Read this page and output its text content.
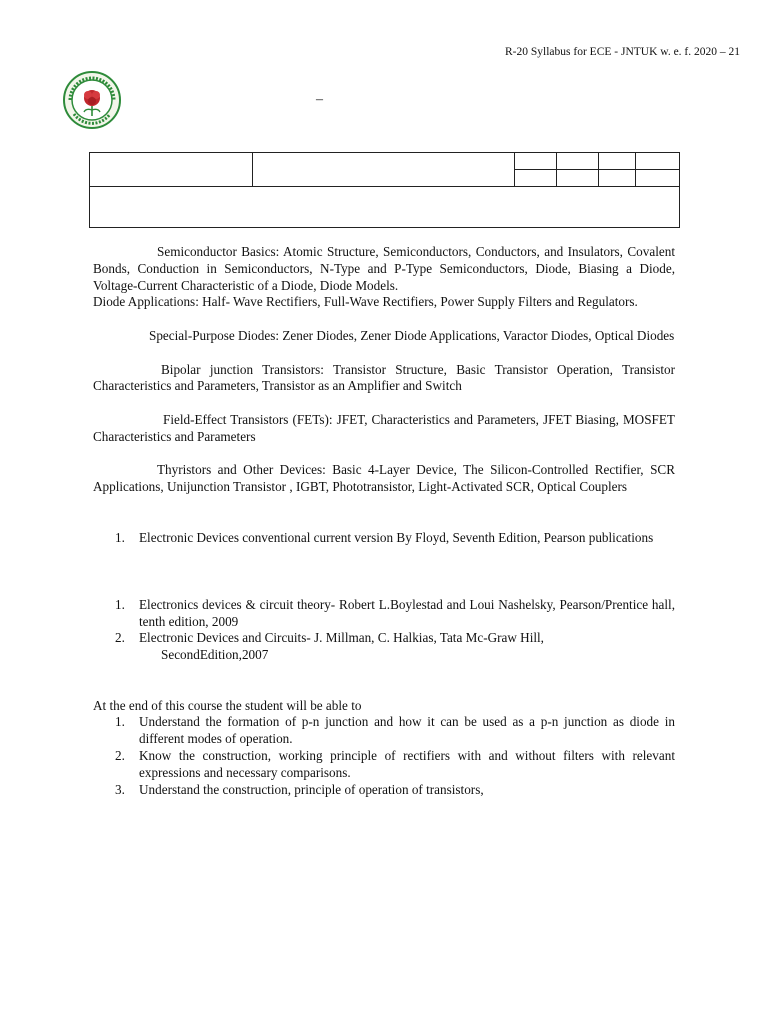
R-20 Syllabus for ECE - JNTUK w. e. f. 2020 – 21
–

Semiconductor Basics: Atomic Structure, Semiconductors, Conductors, and Insulators, Covalent Bonds, Conduction in Semiconductors, N-Type and P-Type Semiconductors, Diode, Biasing a Diode, Voltage-Current Characteristic of a Diode, Diode Models.

Diode Applications: Half- Wave Rectifiers, Full-Wave Rectifiers, Power Supply Filters and Regulators.

Special-Purpose Diodes: Zener Diodes, Zener Diode Applications, Varactor Diodes, Optical Diodes

Bipolar junction Transistors: Transistor Structure, Basic Transistor Operation, Transistor Characteristics and Parameters, Transistor as an Amplifier and Switch

Field-Effect Transistors (FETs): JFET, Characteristics and Parameters, JFET Biasing, MOSFET Characteristics and Parameters

Thyristors and Other Devices: Basic 4-Layer Device, The Silicon-Controlled Rectifier, SCR Applications, Unijunction Transistor , IGBT, Phototransistor, Light-Activated SCR, Optical Couplers

1. Electronic Devices conventional current version By Floyd, Seventh Edition, Pearson publications
1. Electronics devices & circuit theory- Robert L.Boylestad and Loui Nashelsky, Pearson/Prentice hall, tenth edition, 2009
2. Electronic Devices and Circuits- J. Millman, C. Halkias, Tata Mc-Graw Hill,
SecondEdition,2007

At the end of this course the student will be able to

1. Understand the formation of p-n junction and how it can be used as a p-n junction as diode in different modes of operation.
2. Know the construction, working principle of rectifiers with and without filters with relevant expressions and necessary comparisons.
3. Understand the construction, principle of operation of transistors,
